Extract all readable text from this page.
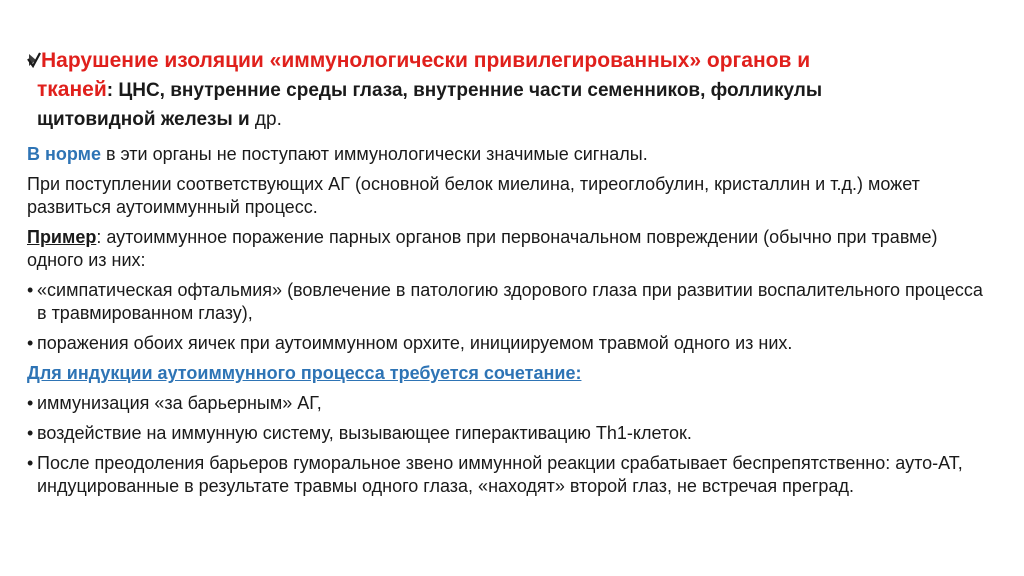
Нарушение изоляции «иммунологически привилегированных» органов и
тканей: ЦНС, внутренние среды глаза, внутренние части семенников, фолликулы
щитовидной железы и др.
В норме в эти органы не поступают иммунологически значимые сигналы.
При поступлении соответствующих АГ (основной белок миелина, тиреоглобулин, кристаллин и т.д.) может развиться аутоиммунный процесс.
Пример: аутоиммунное поражение парных органов при первоначальном повреждении (обычно при травме) одного из них:
• «симпатическая офтальмия» (вовлечение в патологию здорового глаза при развитии воспалительного процесса в травмированном глазу),
• поражения обоих яичек при аутоиммунном орхите, инициируемом травмой одного из них.
Для индукции аутоиммунного процесса требуется сочетание:
• иммунизация «за барьерным» АГ,
• воздействие на иммунную систему, вызывающее гиперактивацию Th1-клеток.
• После преодоления барьеров гуморальное звено иммунной реакции срабатывает беспрепятственно: ауто-АТ, индуцированные в результате травмы одного глаза, «находят» второй глаз, не встречая преград.
